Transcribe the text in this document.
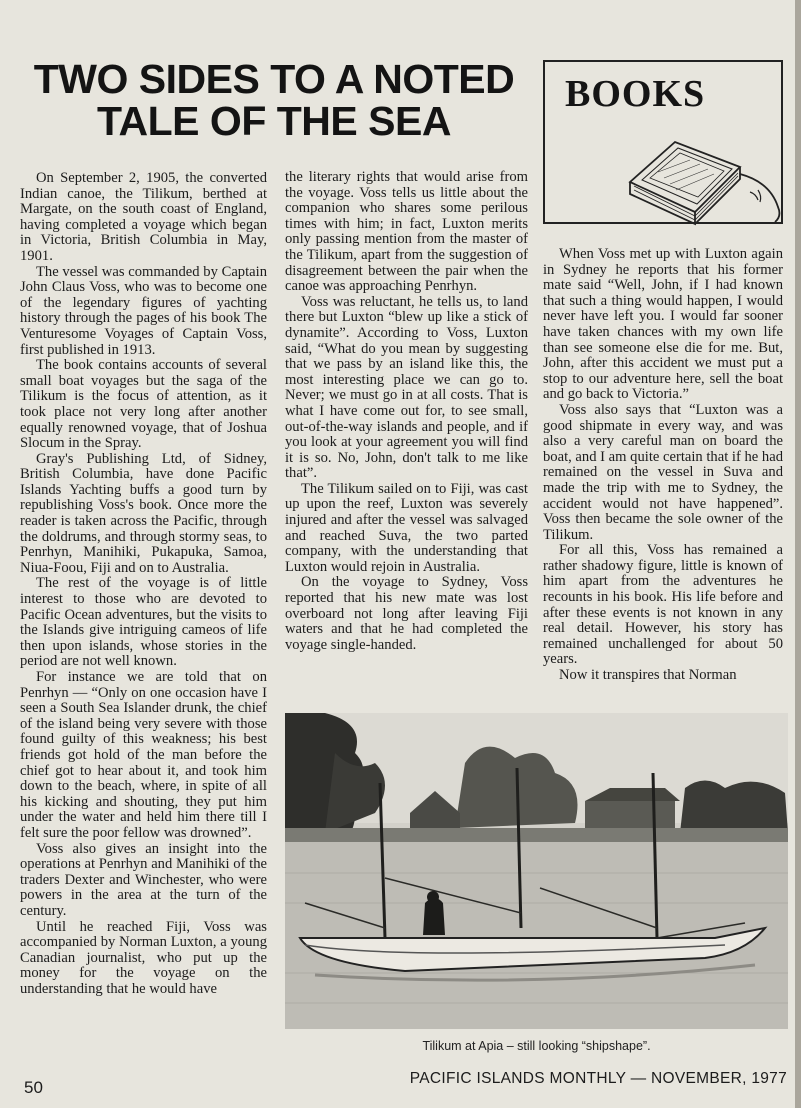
TWO SIDES TO A NOTED
TALE OF THE SEA
BOOKS

On September 2, 1905, the converted Indian canoe, the Tilikum, berthed at Margate, on the south coast of England, having completed a voyage which began in Victoria, British Columbia in May, 1901.

The vessel was commanded by Captain John Claus Voss, who was to become one of the legendary figures of yachting history through the pages of his book The Venturesome Voyages of Captain Voss, first published in 1913.

The book contains accounts of several small boat voyages but the saga of the Tilikum is the focus of attention, as it took place not very long after another equally renowned voyage, that of Joshua Slocum in the Spray.

Gray's Publishing Ltd, of Sidney, British Columbia, have done Pacific Islands Yachting buffs a good turn by republishing Voss's book. Once more the reader is taken across the Pacific, through the doldrums, and through stormy seas, to Penrhyn, Manihiki, Pukapuka, Samoa, Niua-Foou, Fiji and on to Australia.

The rest of the voyage is of little interest to those who are devoted to Pacific Ocean adventures, but the visits to the Islands give intriguing cameos of life then upon islands, whose stories in the period are not well known.

For instance we are told that on Penrhyn — “Only on one occasion have I seen a South Sea Islander drunk, the chief of the island being very severe with those found guilty of this weakness; his best friends got hold of the man before the chief got to hear about it, and took him down to the beach, where, in spite of all his kicking and shouting, they put him under the water and held him there till I felt sure the poor fellow was drowned”.

Voss also gives an insight into the operations at Penrhyn and Manihiki of the traders Dexter and Winchester, who were powers in the area at the turn of the century.

Until he reached Fiji, Voss was accompanied by Norman Luxton, a young Canadian journalist, who put up the money for the voyage on the understanding that he would have

the literary rights that would arise from the voyage. Voss tells us little about the companion who shares some perilous times with him; in fact, Luxton merits only passing mention from the master of the Tilikum, apart from the suggestion of disagreement between the pair when the canoe was approaching Penrhyn.

Voss was reluctant, he tells us, to land there but Luxton “blew up like a stick of dynamite”. According to Voss, Luxton said, “What do you mean by suggesting that we pass by an island like this, the most interesting place we can go to. Never; we must go in at all costs. That is what I have come out for, to see small, out-of-the-way islands and people, and if you look at your agreement you will find it is so. No, John, don't talk to me like that”.

The Tilikum sailed on to Fiji, was cast up upon the reef, Luxton was severely injured and after the vessel was salvaged and reached Suva, the two parted company, with the understanding that Luxton would rejoin in Australia.

On the voyage to Sydney, Voss reported that his new mate was lost overboard not long after leaving Fiji waters and that he had completed the voyage single-handed.

When Voss met up with Luxton again in Sydney he reports that his former mate said “Well, John, if I had known that such a thing would happen, I would never have left you. I would far sooner have taken chances with my own life than see someone else die for me. But, John, after this accident we must put a stop to our adventure here, sell the boat and go back to Victoria.”

Voss also says that “Luxton was a good shipmate in every way, and was also a very careful man on board the boat, and I am quite certain that if he had remained on the vessel in Suva and made the trip with me to Sydney, the accident would not have happened”. Voss then became the sole owner of the Tilikum.

For all this, Voss has remained a rather shadowy figure, little is known of him apart from the adventures he recounts in his book. His life before and after these events is not known in any real detail. However, his story has remained unchallenged for about 50 years.

Now it transpires that Norman

Tilikum at Apia – still looking “shipshape”.
50	PACIFIC ISLANDS MONTHLY — NOVEMBER, 1977
